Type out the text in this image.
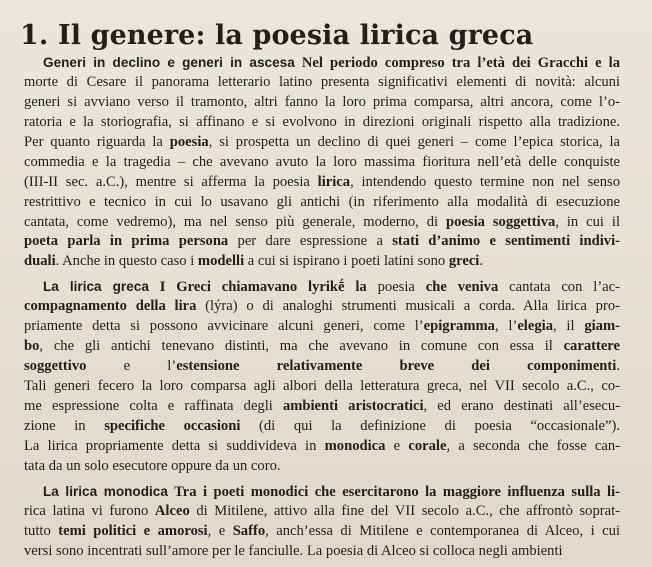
1. Il genere: la poesia lirica greca
Generi in declino e generi in ascesa Nel periodo compreso tra l’età dei Gracchi e la
morte di Cesare il panorama letterario latino presenta significativi elementi di novità: alcuni
generi si avviano verso il tramonto, altri fanno la loro prima comparsa, altri ancora, come l’o-
ratoria e la storiografia, si affinano e si evolvono in direzioni originali rispetto alla tradizione.
Per quanto riguarda la poesia, si prospetta un declino di quei generi – come l’epica storica, la
commedia e la tragedia – che avevano avuto la loro massima fioritura nell’età delle conquiste
(III-II sec. a.C.), mentre si afferma la poesia lirica, intendendo questo termine non nel senso
restrittivo e tecnico in cui lo usavano gli antichi (in riferimento alla modalità di esecuzione
cantata, come vedremo), ma nel senso più generale, moderno, di poesia soggettiva, in cui il
poeta parla in prima persona per dare espressione a stati d’animo e sentimenti indivi-
duali. Anche in questo caso i modelli a cui si ispirano i poeti latini sono greci.
La lirica greca I Greci chiamavano lyrikḗ la poesia che veniva cantata con l’ac-
compagnamento della lira (lýra) o di analoghi strumenti musicali a corda. Alla lirica pro-
priamente detta si possono avvicinare alcuni generi, come l’epigramma, l’elegia, il giam-
bo, che gli antichi tenevano distinti, ma che avevano in comune con essa il carattere
soggettivo e l’estensione relativamente breve dei componimenti.
Tali generi fecero la loro comparsa agli albori della letteratura greca, nel VII secolo a.C., co-
me espressione colta e raffinata degli ambienti aristocratici, ed erano destinati all’esecu-
zione in specifiche occasioni (di qui la definizione di poesia “occasionale”).
La lirica propriamente detta si suddivideva in monodica e corale, a seconda che fosse can-
tata da un solo esecutore oppure da un coro.
La lirica monodica Tra i poeti monodici che esercitarono la maggiore influenza sulla li-
rica latina vi furono Alceo di Mitilene, attivo alla fine del VII secolo a.C., che affrontò soprat-
tutto temi politici e amorosi, e Saffo, anch’essa di Mitilene e contemporanea di Alceo, i cui
versi sono incentrati sull’amore per le fanciulle. La poesia di Alceo si colloca negli ambienti
